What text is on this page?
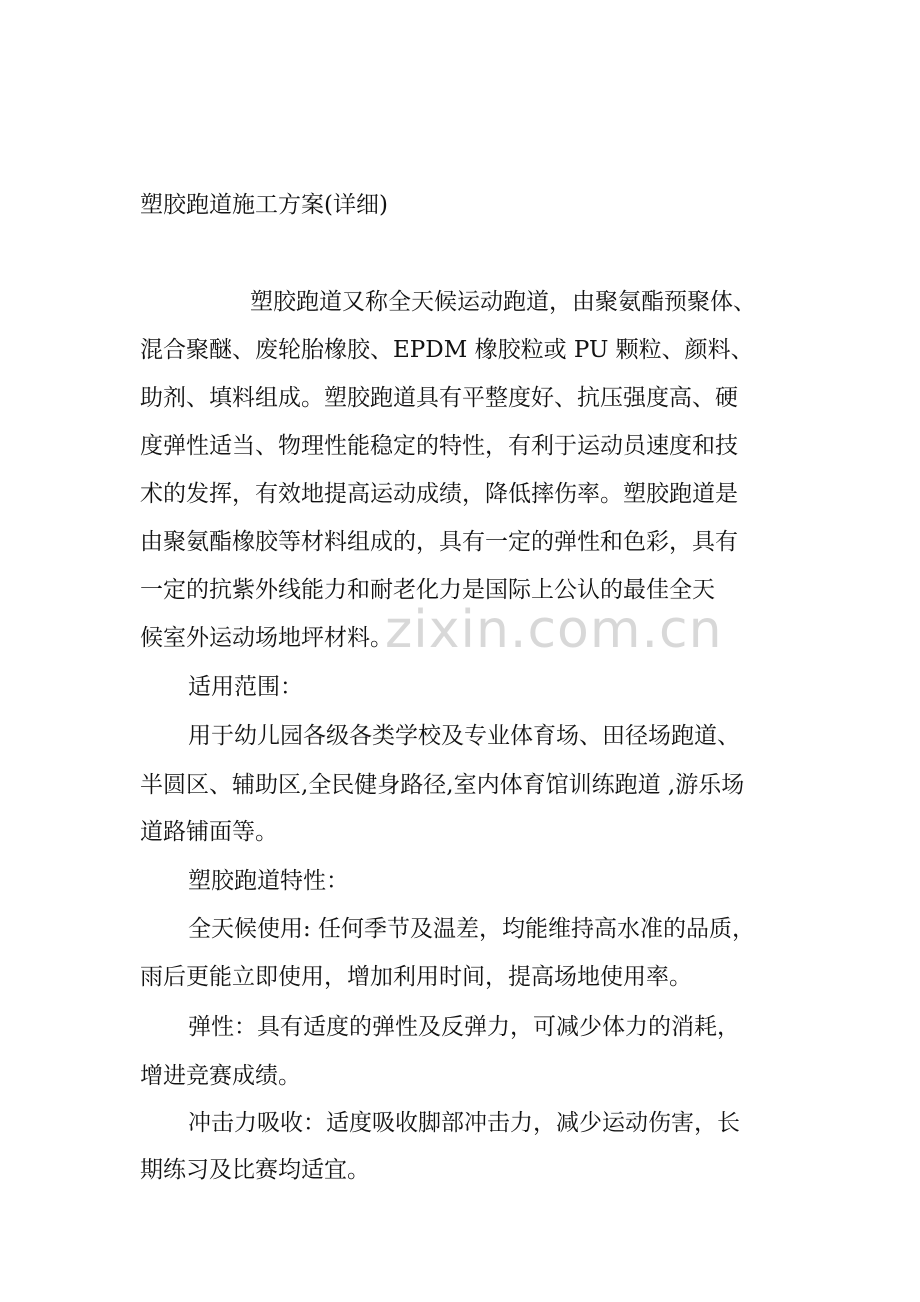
塑胶跑道施工方案(详细)

塑胶跑道又称全天候运动跑道，由聚氨酯预聚体、

混合聚醚、废轮胎橡胶、EPDM 橡胶粒或 PU 颗粒、颜料、

助剂、填料组成。塑胶跑道具有平整度好、抗压强度高、硬

度弹性适当、物理性能稳定的特性，有利于运动员速度和技

术的发挥，有效地提高运动成绩，降低摔伤率。塑胶跑道是

由聚氨酯橡胶等材料组成的，具有一定的弹性和色彩，具有

一定的抗紫外线能力和耐老化力是国际上公认的最佳全天

候室外运动场地坪材料。

适用范围：

用于幼儿园各级各类学校及专业体育场、田径场跑道、

半圆区、辅助区,全民健身路径,室内体育馆训练跑道 ,游乐场

道路铺面等。

塑胶跑道特性：

全天候使用: 任何季节及温差，均能维持高水准的品质，

雨后更能立即使用，增加利用时间，提高场地使用率。

弹性：具有适度的弹性及反弹力，可减少体力的消耗，

增进竞赛成绩。

冲击力吸收：适度吸收脚部冲击力，减少运动伤害，长

期练习及比赛均适宜。

zixin.com.cn
